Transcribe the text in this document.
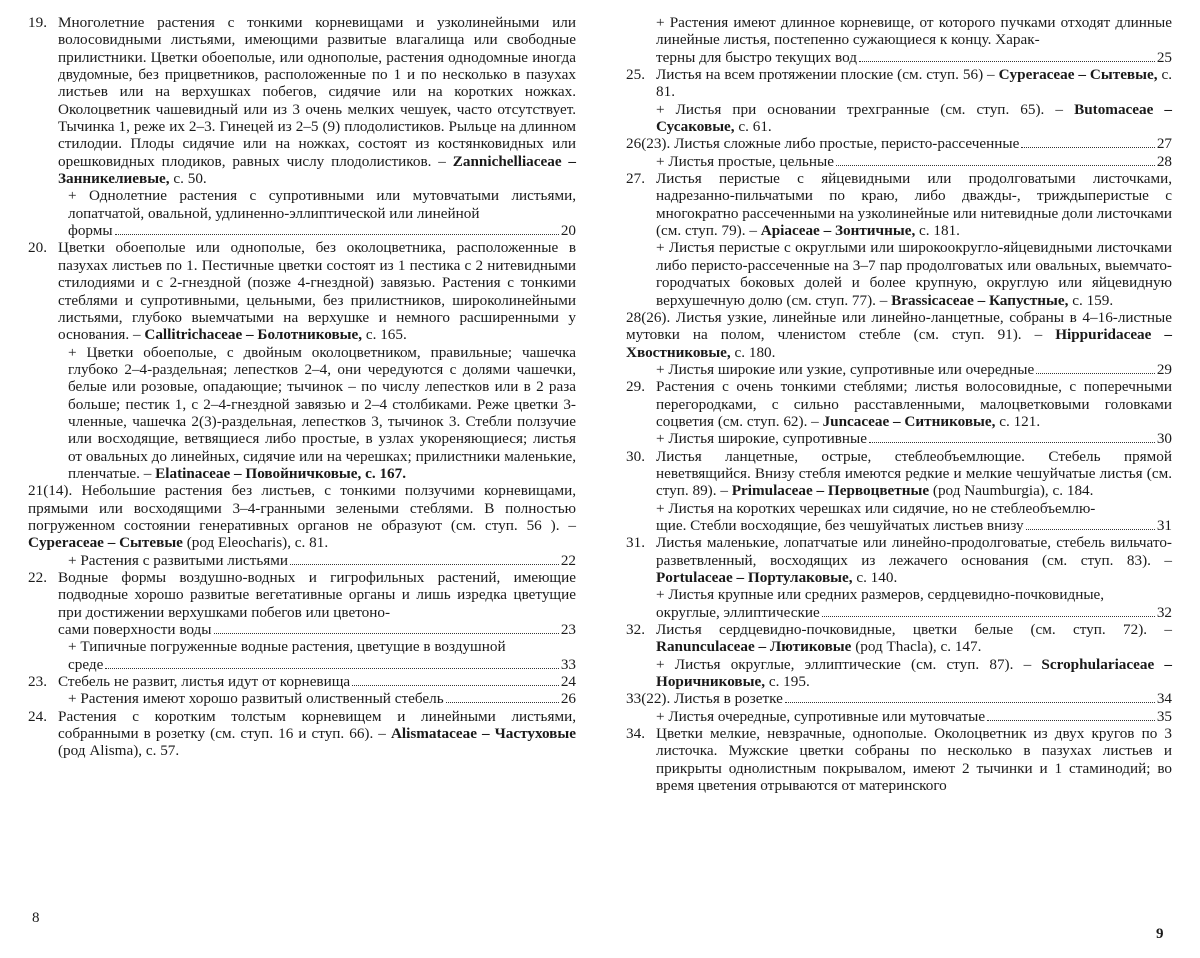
19. Многолетние растения с тонкими корневищами и узколинейными или волосовидными листьями, имеющими развитые влагалища или свободные прилистники. Цветки обоеполые, или однополые, растения однодомные иногда двудомные, без прицветников, расположенные по 1 и по несколько в пазухах листьев или на верхушках побегов, сидячие или на коротких ножках. Околоцветник чашевидный или из 3 очень мелких чешуек, часто отсутствует. Тычинка 1, реже их 2–3. Гинецей из 2–5 (9) плодолистиков. Рыльце на длинном стилодии. Плоды сидячие или на ножках, состоят из костянковидных или орешковидных плодиков, равных числу плодолистиков. – Zannichelliaceae – Занникелиевые, с. 50.

+ Однолетние растения с супротивными или мутовчатыми листьями, лопатчатой, овальной, удлиненно-эллиптической или линейной
формы	20

20. Цветки обоеполые или однополые, без околоцветника, расположенные в пазухах листьев по 1. Пестичные цветки состоят из 1 пестика с 2 нитевидными стилодиями и с 2-гнездной (позже 4-гнездной) завязью. Растения с тонкими стеблями и супротивными, цельными, без прилистников, широколинейными листьями, глубоко выемчатыми на верхушке и немного расширенными у основания. – Callitrichaceae – Болотниковые, с. 165.

+ Цветки обоеполые, с двойным околоцветником, правильные; чашечка глубоко 2–4-раздельная; лепестков 2–4, они чередуются с долями чашечки, белые или розовые, опадающие; тычинок – по числу лепестков или в 2 раза больше; пестик 1, с 2–4-гнездной завязью и 2–4 столбиками. Реже цветки 3-членные, чашечка 2(3)-раздельная, лепестков 3, тычинок 3. Стебли ползучие или восходящие, ветвящиеся либо простые, в узлах укореняющиеся; листья от овальных до линейных, сидячие или на черешках; прилистники маленькие, пленчатые. – Elatinaceae – Повойничковые, с. 167.

21(14). Небольшие растения без листьев, с тонкими ползучими корневищами, прямыми или восходящими 3–4-гранными зелеными стеблями. В полностью погруженном состоянии генеративных органов не образуют (см. ступ. 56 ). – Cyperaceae – Сытевые (род Eleocharis), с. 81.

+ Растения с развитыми листьями	22
22. Водные формы воздушно-водных и гигрофильных растений, имеющие подводные хорошо развитые вегетативные органы и лишь изредка цветущие при достижении верхушками побегов или цветоно-
сами поверхности воды	23
+ Типичные погруженные водные растения, цветущие в воздушной
среде	33
23. Стебель не развит, листья идут от корневища	24
+ Растения имеют хорошо развитый олиственный стебель	26

24. Растения с коротким толстым корневищем и линейными листьями, собранными в розетку (см. ступ. 16 и ступ. 66). – Alismataceae – Частуховые (род Alisma), с. 57.

8
+ Растения имеют длинное корневище, от которого пучками отходят длинные линейные листья, постепенно сужающиеся к концу. Харак-
терны для быстро текущих вод	25

25. Листья на всем протяжении плоские (см. ступ. 56) – Cyperaceae – Сытевые, с. 81.

+ Листья при основании трехгранные (см. ступ. 65). – Butomaceae – Сусаковые, с. 61.

26(23).
Листья сложные либо простые, перисто-рассеченные	27
+ Листья простые, цельные	28

27. Листья перистые с яйцевидными или продолговатыми листочками, надрезанно-пильчатыми по краю, либо дважды-, триждыперистые с многократно рассеченными на узколинейные или нитевидные доли листочками (см. ступ. 79). – Apiaceae – Зонтичные, с. 181.

+ Листья перистые с округлыми или широкоокругло-яйцевидными листочками либо перисто-рассеченные на 3–7 пар продолговатых или овальных, выемчато-городчатых боковых долей и более крупную, округлую или яйцевидную верхушечную долю (см. ступ. 77). – Brassicaceae – Капустные, с. 159.

28(26). Листья узкие, линейные или линейно-ланцетные, собраны в 4–16-листные мутовки на полом, членистом стебле (см. ступ. 91). – Hippuridaceae – Хвостниковые, с. 180.

+ Листья широкие или узкие, супротивные или очередные	29

29. Растения с очень тонкими стеблями; листья волосовидные, с поперечными перегородками, с сильно расставленными, малоцветковыми головками соцветия (см. ступ. 62). – Juncaceae – Ситниковые, с. 121.

+ Листья широкие, супротивные	30

30. Листья ланцетные, острые, стеблеобъемлющие. Стебель прямой неветвящийся. Внизу стебля имеются редкие и мелкие чешуйчатые листья (см. ступ. 89). – Primulaceae – Первоцветные (род Naumburgia), с. 184.

+ Листья на коротких черешках или сидячие, но не стеблеобъемлю-
щие. Стебли восходящие, без чешуйчатых листьев внизу	31

31. Листья маленькие, лопатчатые или линейно-продолговатые, стебель вильчато-разветвленный, восходящих из лежачего основания (см. ступ. 83). – Portulaceae – Портулаковые, с. 140.

+ Листья крупные или средних размеров, сердцевидно-почковидные,
округлые, эллиптические	32

32. Листья сердцевидно-почковидные, цветки белые (см. ступ. 72). – Ranunculaceae – Лютиковые (род Thacla), с. 147.

+ Листья округлые, эллиптические (см. ступ. 87). – Scrophulariaceae – Норичниковые, с. 195.

33(22).
Листья в розетке	34
+ Листья очередные, супротивные или мутовчатые	35

34. Цветки мелкие, невзрачные, однополые. Околоцветник из двух кругов по 3 листочка. Мужские цветки собраны по несколько в пазухах листьев и прикрыты однолистным покрывалом, имеют 2 тычинки и 1 стаминодий; во время цветения отрываются от материнского

9
